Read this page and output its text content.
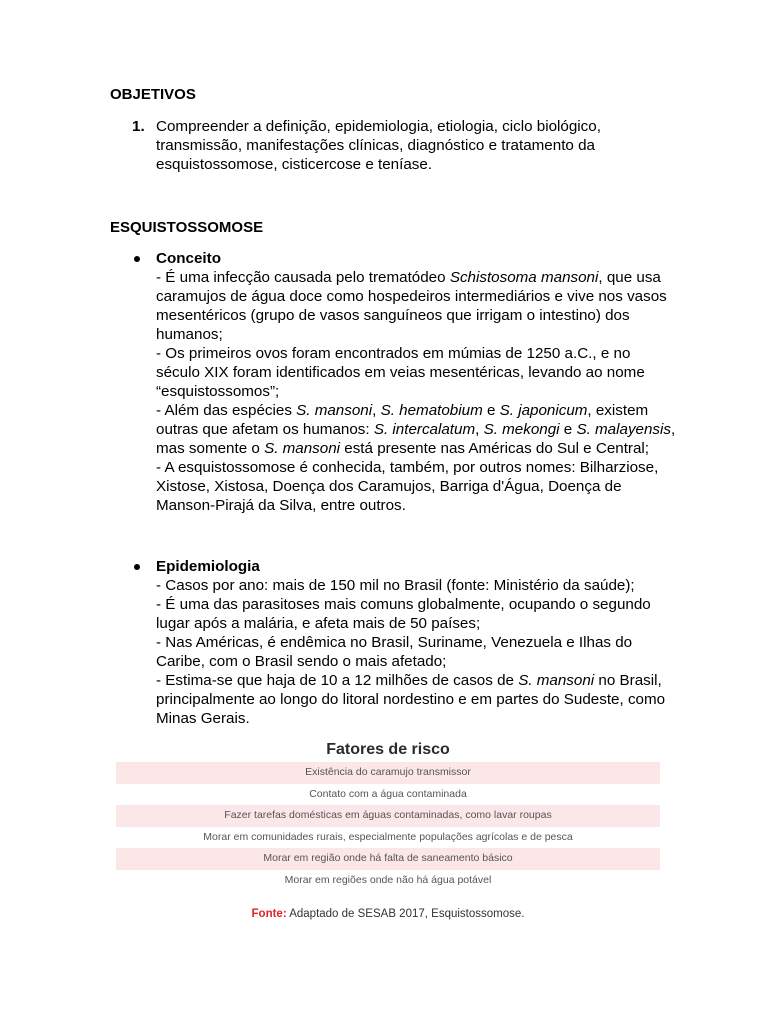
OBJETIVOS
1. Compreender a definição, epidemiologia, etiologia, ciclo biológico, transmissão, manifestações clínicas, diagnóstico e tratamento da esquistossomose, cisticercose e teníase.
ESQUISTOSSOMOSE
Conceito

- É uma infecção causada pelo trematódeo Schistosoma mansoni, que usa caramujos de água doce como hospedeiros intermediários e vive nos vasos mesentéricos (grupo de vasos sanguíneos que irrigam o intestino) dos humanos;

- Os primeiros ovos foram encontrados em múmias de 1250 a.C., e no século XIX foram identificados em veias mesentéricas, levando ao nome “esquistossomos”;

- Além das espécies S. mansoni, S. hematobium e S. japonicum, existem outras que afetam os humanos: S. intercalatum, S. mekongi e S. malayensis, mas somente o S. mansoni está presente nas Américas do Sul e Central;

- A esquistossomose é conhecida, também, por outros nomes: Bilharziose, Xistose, Xistosa, Doença dos Caramujos, Barriga d'Água, Doença de Manson-Pirajá da Silva, entre outros.

Epidemiologia

- Casos por ano: mais de 150 mil no Brasil (fonte: Ministério da saúde);

- É uma das parasitoses mais comuns globalmente, ocupando o segundo lugar após a malária, e afeta mais de 50 países;

- Nas Américas, é endêmica no Brasil, Suriname, Venezuela e Ilhas do Caribe, com o Brasil sendo o mais afetado;

- Estima-se que haja de 10 a 12 milhões de casos de S. mansoni no Brasil, principalmente ao longo do litoral nordestino e em partes do Sudeste, como Minas Gerais.

Fatores de risco
Existência do caramujo transmissor
Contato com a água contaminada
Fazer tarefas domésticas em águas contaminadas, como lavar roupas
Morar em comunidades rurais, especialmente populações agrícolas e de pesca
Morar em região onde há falta de saneamento básico
Morar em regiões onde não há água potável
Fonte: Adaptado de SESAB 2017, Esquistossomose.
